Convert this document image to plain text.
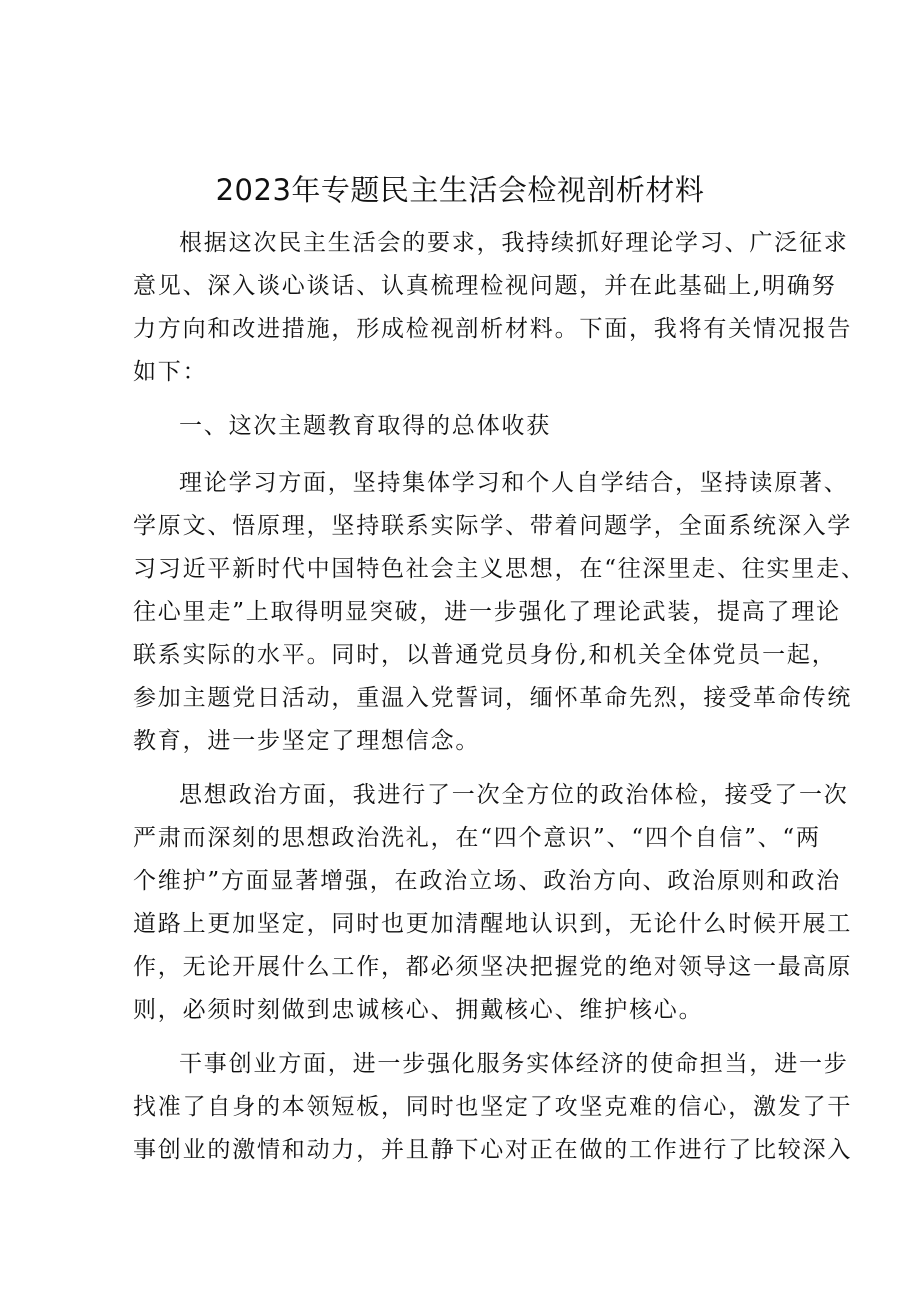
2023年专题民主生活会检视剖析材料

根据这次民主生活会的要求，我持续抓好理论学习、广泛征求
意见、深入谈心谈话、认真梳理检视问题，并在此基础上,明确努
力方向和改进措施，形成检视剖析材料。下面，我将有关情况报告
如下：

一、这次主题教育取得的总体收获

理论学习方面，坚持集体学习和个人自学结合，坚持读原著、
学原文、悟原理，坚持联系实际学、带着问题学，全面系统深入学
习习近平新时代中国特色社会主义思想，在“往深里走、往实里走、
往心里走”上取得明显突破，进一步强化了理论武装，提高了理论
联系实际的水平。同时，以普通党员身份,和机关全体党员一起，
参加主题党日活动，重温入党誓词，缅怀革命先烈，接受革命传统
教育，进一步坚定了理想信念。

思想政治方面，我进行了一次全方位的政治体检，接受了一次
严肃而深刻的思想政治洗礼，在“四个意识”、“四个自信”、“两
个维护”方面显著增强，在政治立场、政治方向、政治原则和政治
道路上更加坚定，同时也更加清醒地认识到，无论什么时候开展工
作，无论开展什么工作，都必须坚决把握党的绝对领导这一最高原
则，必须时刻做到忠诚核心、拥戴核心、维护核心。

干事创业方面，进一步强化服务实体经济的使命担当，进一步
找准了自身的本领短板，同时也坚定了攻坚克难的信心，激发了干
事创业的激情和动力，并且静下心对正在做的工作进行了比较深入
